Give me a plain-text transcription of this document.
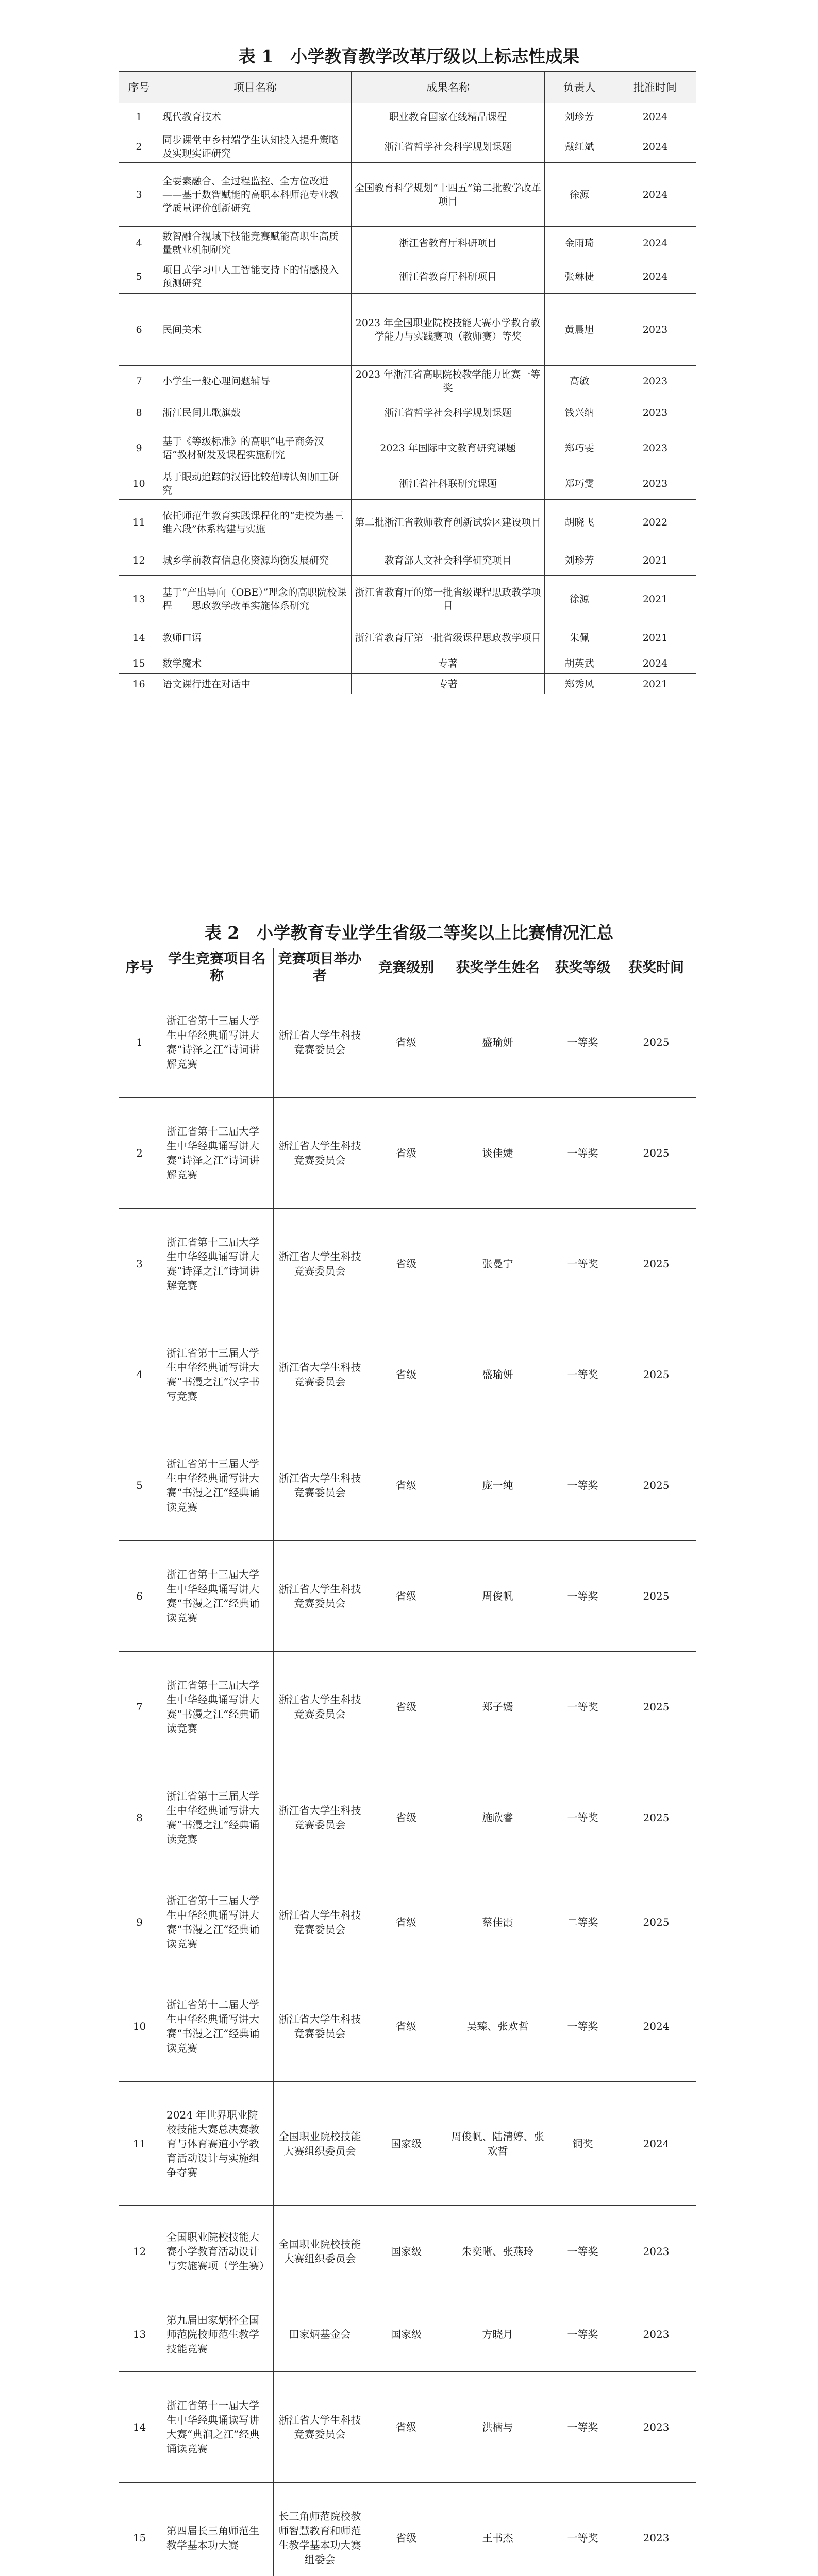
表 1　小学教育教学改革厅级以上标志性成果
序号	项目名称	成果名称	负责人	批准时间
1	现代教育技术	职业教育国家在线精品课程	刘珍芳	2024
2	同步课堂中乡村端学生认知投入提升策略及实现实证研究	浙江省哲学社会科学规划课题	戴红斌	2024
3	全要素融合、全过程监控、全方位改进——基于数智赋能的高职本科师范专业教学质量评价创新研究	全国教育科学规划“十四五”第二批教学改革项目	徐源	2024
4	数智融合视域下技能竞赛赋能高职生高质量就业机制研究	浙江省教育厅科研项目	金雨琦	2024
5	项目式学习中人工智能支持下的情感投入预测研究	浙江省教育厅科研项目	张琳捷	2024
6	民间美术	2023 年全国职业院校技能大赛小学教育教学能力与实践赛项（教师赛）等奖	黄晨旭	2023
7	小学生一般心理问题辅导	2023 年浙江省高职院校教学能力比赛一等奖	高敏	2023
8	浙江民间儿歌旗鼓	浙江省哲学社会科学规划课题	钱兴纳	2023
9	基于《等级标准》的高职“电子商务汉语”教材研发及课程实施研究	2023 年国际中文教育研究课题	郑巧雯	2023
10	基于眼动追踪的汉语比较范畴认知加工研究	浙江省社科联研究课题	郑巧雯	2023
11	依托师范生教育实践课程化的“走校为基三维六段”体系构建与实施	第二批浙江省教师教育创新试验区建设项目	胡晓飞	2022
12	城乡学前教育信息化资源均衡发展研究	教育部人文社会科学研究项目	刘珍芳	2021
13	基于“产出导向（OBE）”理念的高职院校课程　　思政教学改革实施体系研究	浙江省教育厅的第一批省级课程思政教学项目	徐源	2021
14	教师口语	浙江省教育厅第一批省级课程思政教学项目	朱佩	2021
15	数学魔术	专著	胡英武	2024
16	语文课行进在对话中	专著	郑秀风	2021
表 2　小学教育专业学生省级二等奖以上比赛情况汇总
序号	学生竞赛项目名称	竞赛项目举办者	竞赛级别	获奖学生姓名	获奖等级	获奖时间
1	浙江省第十三届大学生中华经典诵写讲大赛“诗泽之江”诗词讲解竞赛	浙江省大学生科技竞赛委员会	省级	盛瑜妍	一等奖	2025
2	浙江省第十三届大学生中华经典诵写讲大赛“诗泽之江”诗词讲解竞赛	浙江省大学生科技竞赛委员会	省级	谈佳婕	一等奖	2025
3	浙江省第十三届大学生中华经典诵写讲大赛“诗泽之江”诗词讲解竞赛	浙江省大学生科技竞赛委员会	省级	张曼宁	一等奖	2025
4	浙江省第十三届大学生中华经典诵写讲大赛“书漫之江”汉字书写竞赛	浙江省大学生科技竞赛委员会	省级	盛瑜妍	一等奖	2025
5	浙江省第十三届大学生中华经典诵写讲大赛“书漫之江”经典诵读竞赛	浙江省大学生科技竞赛委员会	省级	庞一纯	一等奖	2025
6	浙江省第十三届大学生中华经典诵写讲大赛“书漫之江”经典诵读竞赛	浙江省大学生科技竞赛委员会	省级	周俊帆	一等奖	2025
7	浙江省第十三届大学生中华经典诵写讲大赛“书漫之江”经典诵读竞赛	浙江省大学生科技竞赛委员会	省级	郑子嫣	一等奖	2025
8	浙江省第十三届大学生中华经典诵写讲大赛“书漫之江”经典诵读竞赛	浙江省大学生科技竞赛委员会	省级	施欣睿	一等奖	2025
9	浙江省第十三届大学生中华经典诵写讲大赛“书漫之江”经典诵读竞赛	浙江省大学生科技竞赛委员会	省级	蔡佳霞	二等奖	2025
10	浙江省第十二届大学生中华经典诵写讲大赛“书漫之江”经典诵读竞赛	浙江省大学生科技竞赛委员会	省级	吴臻、张欢哲	一等奖	2024
11	2024 年世界职业院校技能大赛总决赛教育与体育赛道小学教育活动设计与实施组争夺赛	全国职业院校技能大赛组织委员会	国家级	周俊帆、陆清婷、张欢哲	铜奖	2024
12	全国职业院校技能大赛小学教育活动设计与实施赛项（学生赛）	全国职业院校技能大赛组织委员会	国家级	朱奕晰、张燕玲	一等奖	2023
13	第九届田家炳杯全国师范院校师范生教学技能竞赛	田家炳基金会	国家级	方晓月	一等奖	2023
14	浙江省第十一届大学生中华经典诵读写讲大赛“典润之江”经典诵读竞赛	浙江省大学生科技竞赛委员会	省级	洪楠与	一等奖	2023
15	第四届长三角师范生教学基本功大赛	长三角师范院校教师智慧教育和师范生教学基本功大赛组委会	省级	王书杰	一等奖	2023
